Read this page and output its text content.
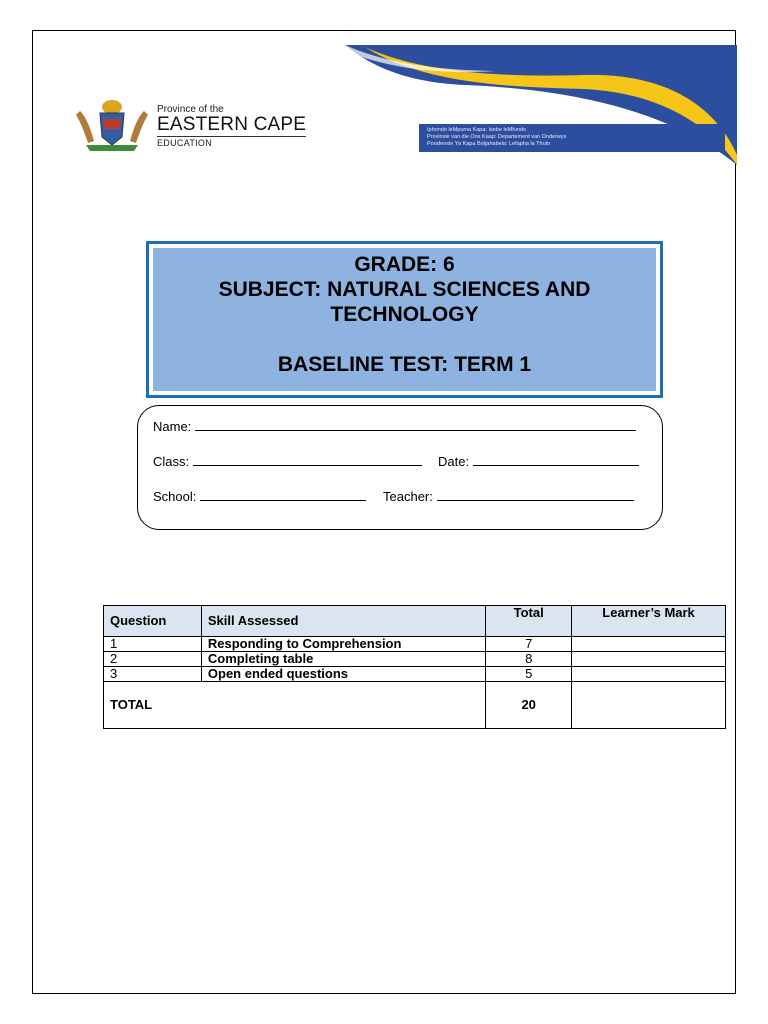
Province of the
EASTERN CAPE
EDUCATION
Iphondo leMpuma Kapa: Isebe leMfundo
Provinsie van die Oos Kaap: Departement van Onderwys
Porafensie Ya Kapa Botjahabela: Lefapha la Thuto
GRADE: 6
SUBJECT: NATURAL SCIENCES AND
TECHNOLOGY
BASELINE TEST: TERM 1
Name:
Class:	Date:
School:	Teacher:
Question	Skill Assessed	Total	Learner’s Mark
1	Responding to Comprehension	7	
2	Completing table	8	
3	Open ended questions	5	
TOTAL		20	
